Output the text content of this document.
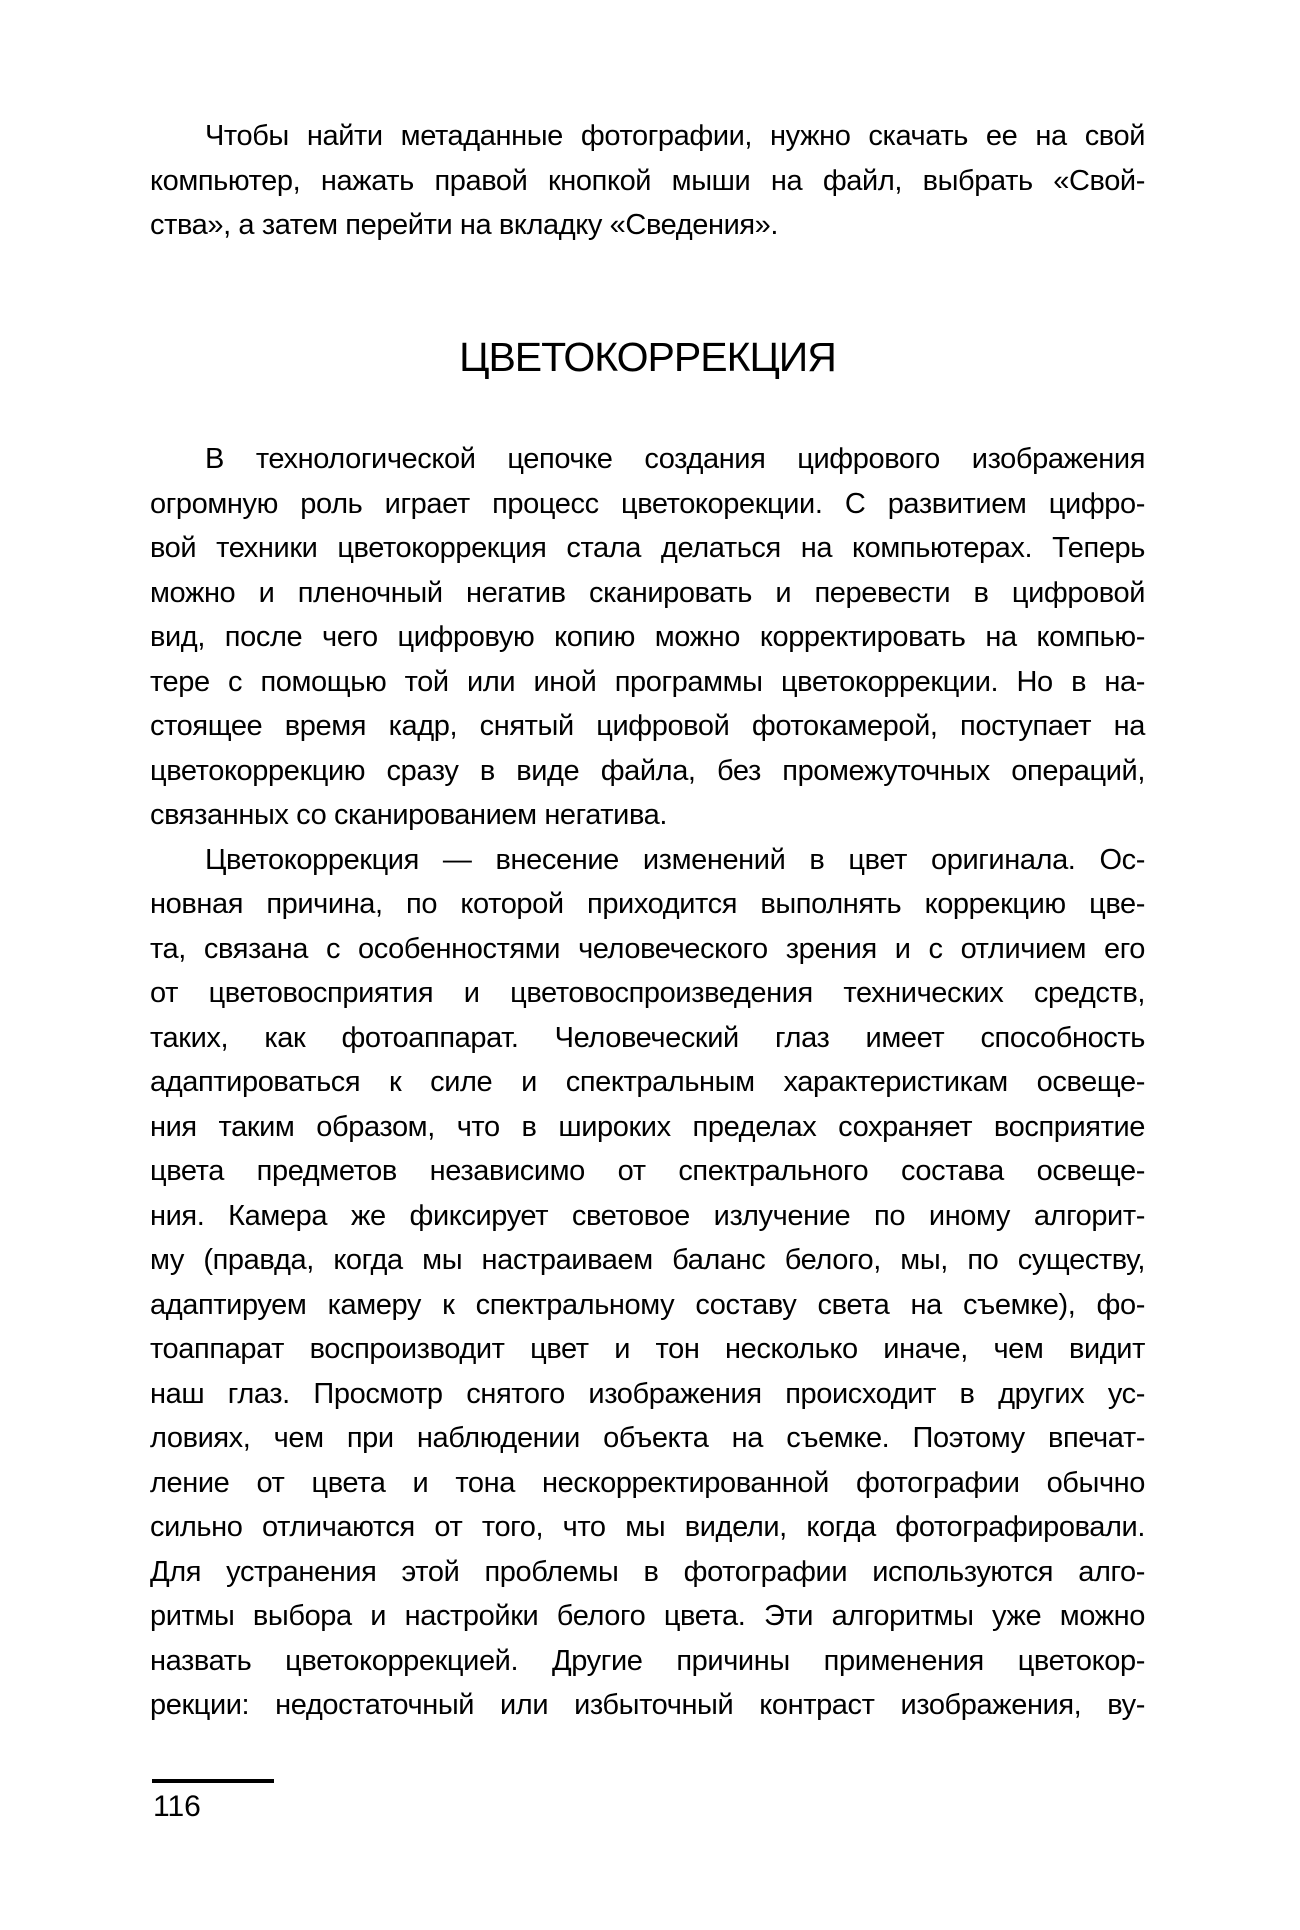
Чтобы найти метаданные фотографии, нужно скачать ее на свой
компьютер, нажать правой кнопкой мыши на файл, выбрать «Свой-
ства», а затем перейти на вкладку «Сведения».
ЦВЕТОКОРРЕКЦИЯ
В технологической цепочке создания цифрового изображения
огромную роль играет процесс цветокорекции. С развитием цифро-
вой техники цветокоррекция стала делаться на компьютерах. Теперь
можно и пленочный негатив сканировать и перевести в цифровой
вид, после чего цифровую копию можно корректировать на компью-
тере с помощью той или иной программы цветокоррекции. Но в на-
стоящее время кадр, снятый цифровой фотокамерой, поступает на
цветокоррекцию сразу в виде файла, без промежуточных операций,
связанных со сканированием негатива.
Цветокоррекция — внесение изменений в цвет оригинала. Ос-
новная причина, по которой приходится выполнять коррекцию цве-
та, связана с особенностями человеческого зрения и с отличием его
от цветовосприятия и цветовоспроизведения технических средств,
таких, как фотоаппарат. Человеческий глаз имеет способность
адаптироваться к силе и спектральным характеристикам освеще-
ния таким образом, что в широких пределах сохраняет восприятие
цвета предметов независимо от спектрального состава освеще-
ния. Камера же фиксирует световое излучение по иному алгорит-
му (правда, когда мы настраиваем баланс белого, мы, по существу,
адаптируем камеру к спектральному составу света на съемке), фо-
тоаппарат воспроизводит цвет и тон несколько иначе, чем видит
наш глаз. Просмотр снятого изображения происходит в других ус-
ловиях, чем при наблюдении объекта на съемке. Поэтому впечат-
ление от цвета и тона нескорректированной фотографии обычно
сильно отличаются от того, что мы видели, когда фотографировали.
Для устранения этой проблемы в фотографии используются алго-
ритмы выбора и настройки белого цвета. Эти алгоритмы уже можно
назвать цветокоррекцией. Другие причины применения цветокор-
рекции: недостаточный или избыточный контраст изображения, ву-
116
